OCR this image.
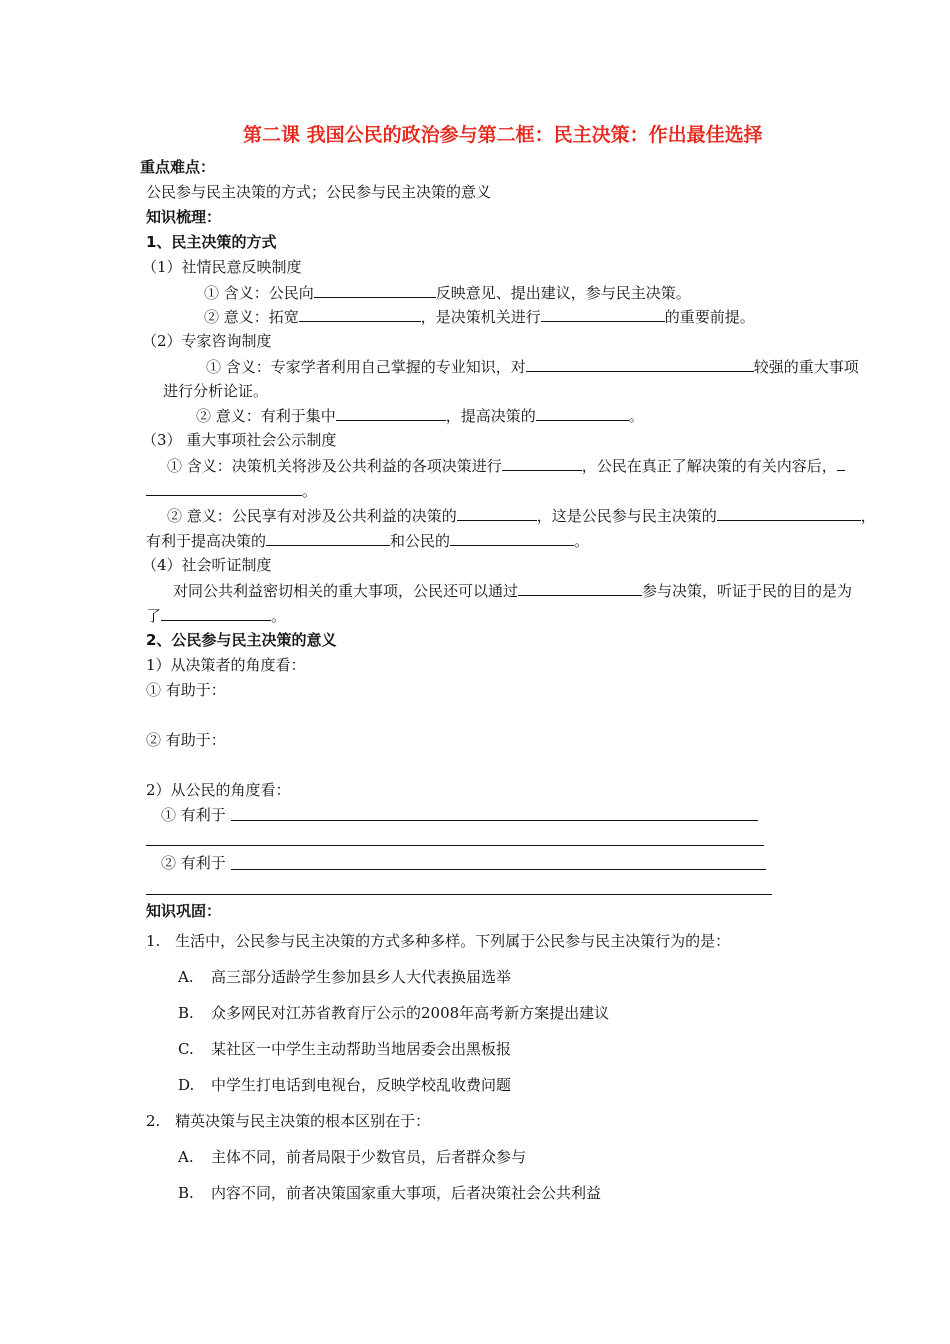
第二课 我国公民的政治参与第二框：民主决策：作出最佳选择
重点难点：
公民参与民主决策的方式；公民参与民主决策的意义
知识梳理：
1、民主决策的方式
（1）社情民意反映制度
① 含义：公民向	反映意见、提出建议，参与民主决策。
② 意义：拓宽	，是决策机关进行	的重要前提。
（2）专家咨询制度
① 含义：专家学者利用自己掌握的专业知识，对	较强的重大事项
进行分析论证。
② 意义：有利于集中	，提高决策的	。
（3） 重大事项社会公示制度
① 含义：决策机关将涉及公共利益的各项决策进行	，公民在真正了解决策的有关内容后，
。
② 意义：公民享有对涉及公共利益的决策的	，这是公民参与民主决策的	，
有利于提高决策的	和公民的	。
（4）社会听证制度
对同公共利益密切相关的重大事项，公民还可以通过	参与决策，听证于民的目的是为
了	。
2、公民参与民主决策的意义
1）从决策者的角度看：
① 有助于：
② 有助于：
2）从公民的角度看：
① 有利于
② 有利于
知识巩固：
1. 生活中，公民参与民主决策的方式多种多样。下列属于公民参与民主决策行为的是：
A. 高三部分适龄学生参加县乡人大代表换届选举
B. 众多网民对江苏省教育厅公示的2008年高考新方案提出建议
C. 某社区一中学生主动帮助当地居委会出黑板报
D. 中学生打电话到电视台，反映学校乱收费问题
2. 精英决策与民主决策的根本区别在于：
A. 主体不同，前者局限于少数官员，后者群众参与
B. 内容不同，前者决策国家重大事项，后者决策社会公共利益
